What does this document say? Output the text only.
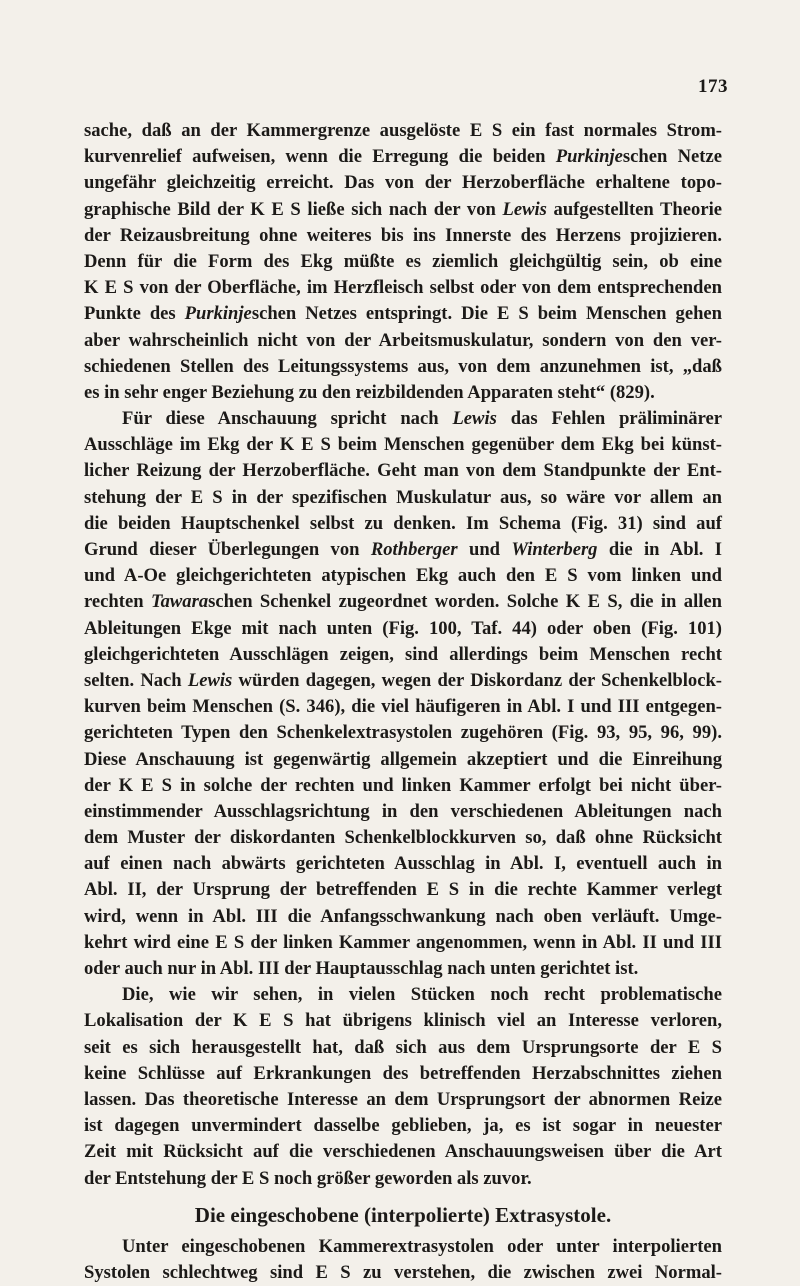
173
sache, daß an der Kammergrenze ausgelöste E S ein fast normales Strom-
kurvenrelief aufweisen, wenn die Erregung die beiden Purkinjeschen Netze
ungefähr gleichzeitig erreicht. Das von der Herzoberfläche erhaltene topo-
graphische Bild der K E S ließe sich nach der von Lewis aufgestellten Theorie
der Reizausbreitung ohne weiteres bis ins Innerste des Herzens projizieren.
Denn für die Form des Ekg müßte es ziemlich gleichgültig sein, ob eine
K E S von der Oberfläche, im Herzfleisch selbst oder von dem entsprechenden
Punkte des Purkinjeschen Netzes entspringt. Die E S beim Menschen gehen
aber wahrscheinlich nicht von der Arbeitsmuskulatur, sondern von den ver-
schiedenen Stellen des Leitungssystems aus, von dem anzunehmen ist, „daß
es in sehr enger Beziehung zu den reizbildenden Apparaten steht“ (829).
Für diese Anschauung spricht nach Lewis das Fehlen präliminärer
Ausschläge im Ekg der K E S beim Menschen gegenüber dem Ekg bei künst-
licher Reizung der Herzoberfläche. Geht man von dem Standpunkte der Ent-
stehung der E S in der spezifischen Muskulatur aus, so wäre vor allem an
die beiden Hauptschenkel selbst zu denken. Im Schema (Fig. 31) sind auf
Grund dieser Überlegungen von Rothberger und Winterberg die in Abl. I
und A-Oe gleichgerichteten atypischen Ekg auch den E S vom linken und
rechten Tawaraschen Schenkel zugeordnet worden. Solche K E S, die in allen
Ableitungen Ekge mit nach unten (Fig. 100, Taf. 44) oder oben (Fig. 101)
gleichgerichteten Ausschlägen zeigen, sind allerdings beim Menschen recht
selten. Nach Lewis würden dagegen, wegen der Diskordanz der Schenkelblock-
kurven beim Menschen (S. 346), die viel häufigeren in Abl. I und III entgegen-
gerichteten Typen den Schenkelextrasystolen zugehören (Fig. 93, 95, 96, 99).
Diese Anschauung ist gegenwärtig allgemein akzeptiert und die Einreihung
der K E S in solche der rechten und linken Kammer erfolgt bei nicht über-
einstimmender Ausschlagsrichtung in den verschiedenen Ableitungen nach
dem Muster der diskordanten Schenkelblockkurven so, daß ohne Rücksicht
auf einen nach abwärts gerichteten Ausschlag in Abl. I, eventuell auch in
Abl. II, der Ursprung der betreffenden E S in die rechte Kammer verlegt
wird, wenn in Abl. III die Anfangsschwankung nach oben verläuft. Umge-
kehrt wird eine E S der linken Kammer angenommen, wenn in Abl. II und III
oder auch nur in Abl. III der Hauptausschlag nach unten gerichtet ist.
Die, wie wir sehen, in vielen Stücken noch recht problematische
Lokalisation der K E S hat übrigens klinisch viel an Interesse verloren,
seit es sich herausgestellt hat, daß sich aus dem Ursprungsorte der E S
keine Schlüsse auf Erkrankungen des betreffenden Herzabschnittes ziehen
lassen. Das theoretische Interesse an dem Ursprungsort der abnormen Reize
ist dagegen unvermindert dasselbe geblieben, ja, es ist sogar in neuester
Zeit mit Rücksicht auf die verschiedenen Anschauungsweisen über die Art
der Entstehung der E S noch größer geworden als zuvor.
Die eingeschobene (interpolierte) Extrasystole.
Unter eingeschobenen Kammerextrasystolen oder unter interpolierten
Systolen schlechtweg sind E S zu verstehen, die zwischen zwei Normal-
